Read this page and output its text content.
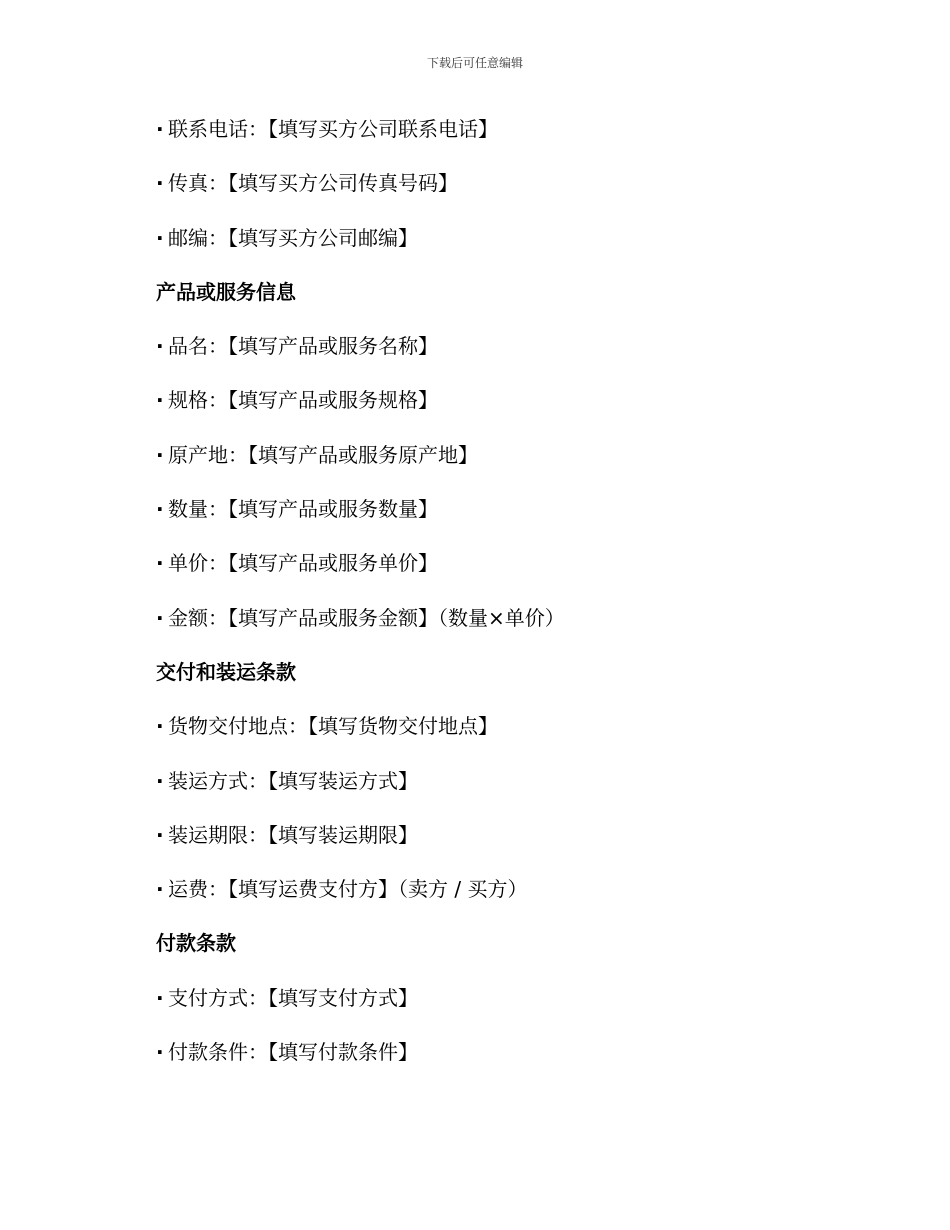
下载后可任意编辑
· 联系电话：【填写买方公司联系电话】
· 传真：【填写买方公司传真号码】
· 邮编：【填写买方公司邮编】
产品或服务信息
· 品名：【填写产品或服务名称】
· 规格：【填写产品或服务规格】
· 原产地：【填写产品或服务原产地】
· 数量：【填写产品或服务数量】
· 单价：【填写产品或服务单价】
· 金额：【填写产品或服务金额】（数量×单价）
交付和装运条款
· 货物交付地点：【填写货物交付地点】
· 装运方式：【填写装运方式】
· 装运期限：【填写装运期限】
· 运费：【填写运费支付方】（卖方 / 买方）
付款条款
· 支付方式：【填写支付方式】
· 付款条件：【填写付款条件】
